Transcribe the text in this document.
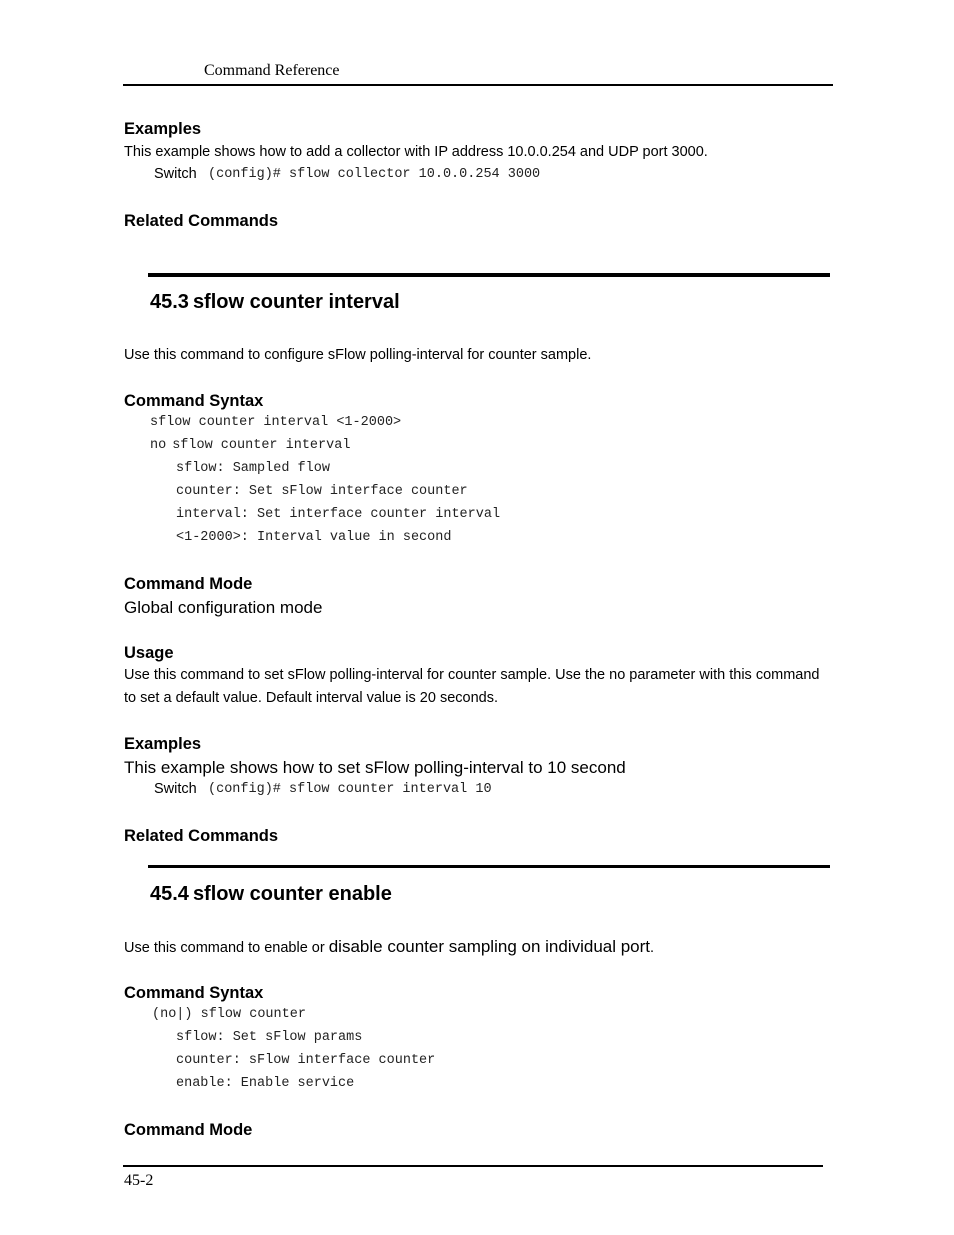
Command Reference
Examples
This example shows how to add a collector with IP address 10.0.0.254 and UDP port 3000.
Switch (config)# sflow collector 10.0.0.254 3000
Related Commands
45.3 sflow counter interval
Use this command to configure sFlow polling-interval for counter sample.
Command Syntax
sflow counter interval <1-2000>
no sflow counter interval
sflow: Sampled flow
counter: Set sFlow interface counter
interval: Set interface counter interval
<1-2000>: Interval value in second
Command Mode
Global configuration mode
Usage
Use this command to set sFlow polling-interval for counter sample. Use the no parameter with this command
to set a default value. Default interval value is 20 seconds.
Examples
This example shows how to set sFlow polling-interval to 10 second
Switch (config)# sflow counter interval 10
Related Commands
45.4 sflow counter enable
Use this command to enable or disable counter sampling on individual port.
Command Syntax
(no|) sflow counter
sflow: Set sFlow params
counter: sFlow interface counter
enable: Enable service
Command Mode
45-2
